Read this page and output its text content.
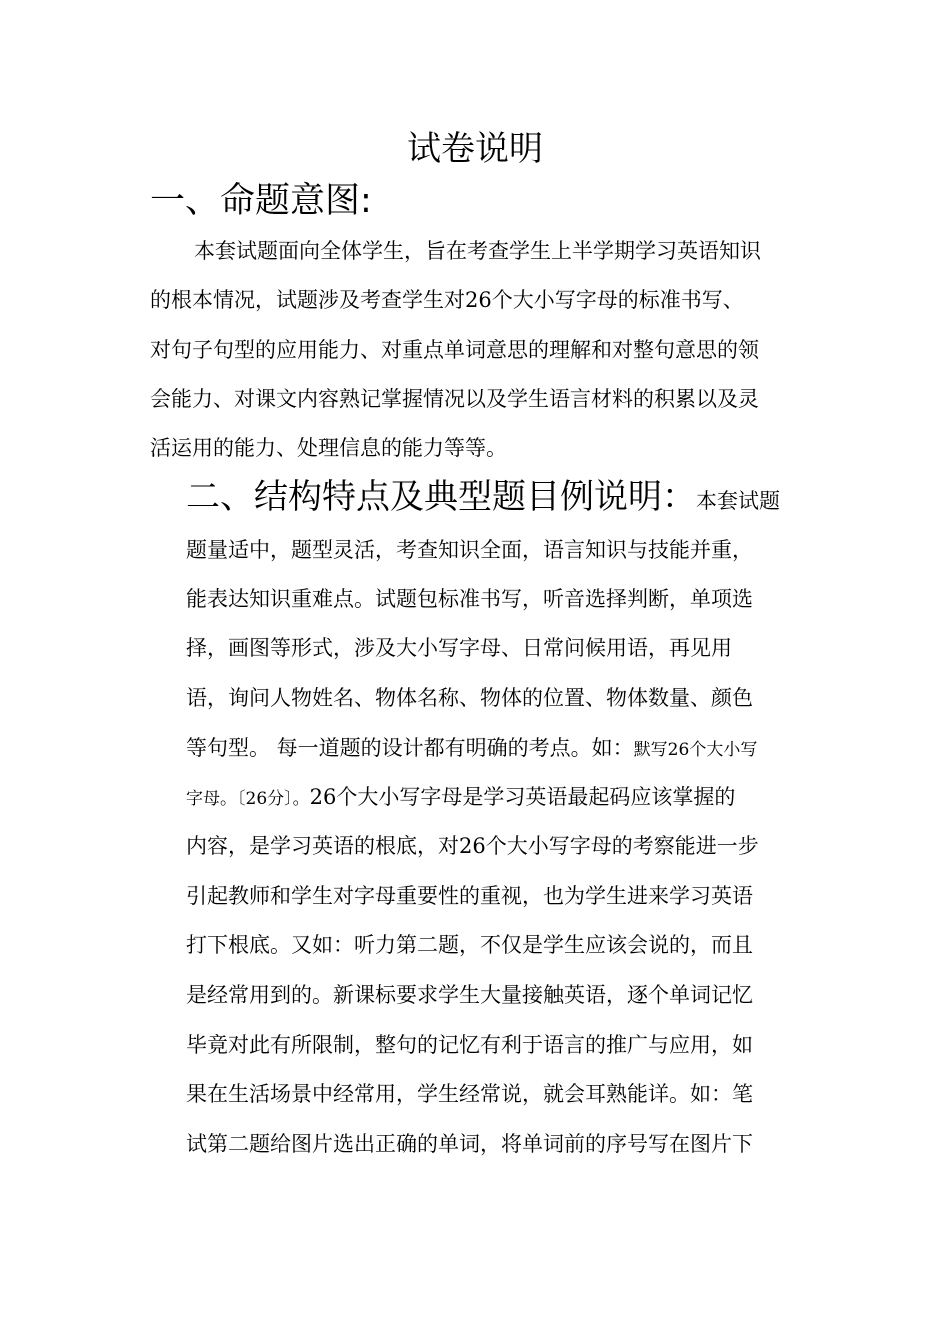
试卷说明
一、命题意图:
本套试题面向全体学生，旨在考查学生上半学期学习英语知识
的根本情况，试题涉及考查学生对26个大小写字母的标准书写、
对句子句型的应用能力、对重点单词意思的理解和对整句意思的领
会能力、对课文内容熟记掌握情况以及学生语言材料的积累以及灵
活运用的能力、处理信息的能力等等。
二、结构特点及典型题目例说明：本套试题
题量适中，题型灵活，考查知识全面，语言知识与技能并重，
能表达知识重难点。试题包标准书写，听音选择判断，单项选
择，画图等形式，涉及大小写字母、日常问候用语，再见用
语，询问人物姓名、物体名称、物体的位置、物体数量、颜色
等句型。 每一道题的设计都有明确的考点。如：默写26个大小写
字母。〔26分〕。26个大小写字母是学习英语最起码应该掌握的
内容，是学习英语的根底，对26个大小写字母的考察能进一步
引起教师和学生对字母重要性的重视，也为学生进来学习英语
打下根底。又如：听力第二题，不仅是学生应该会说的，而且
是经常用到的。新课标要求学生大量接触英语，逐个单词记忆
毕竟对此有所限制，整句的记忆有利于语言的推广与应用，如
果在生活场景中经常用，学生经常说，就会耳熟能详。如：笔
试第二题给图片选出正确的单词，将单词前的序号写在图片下
